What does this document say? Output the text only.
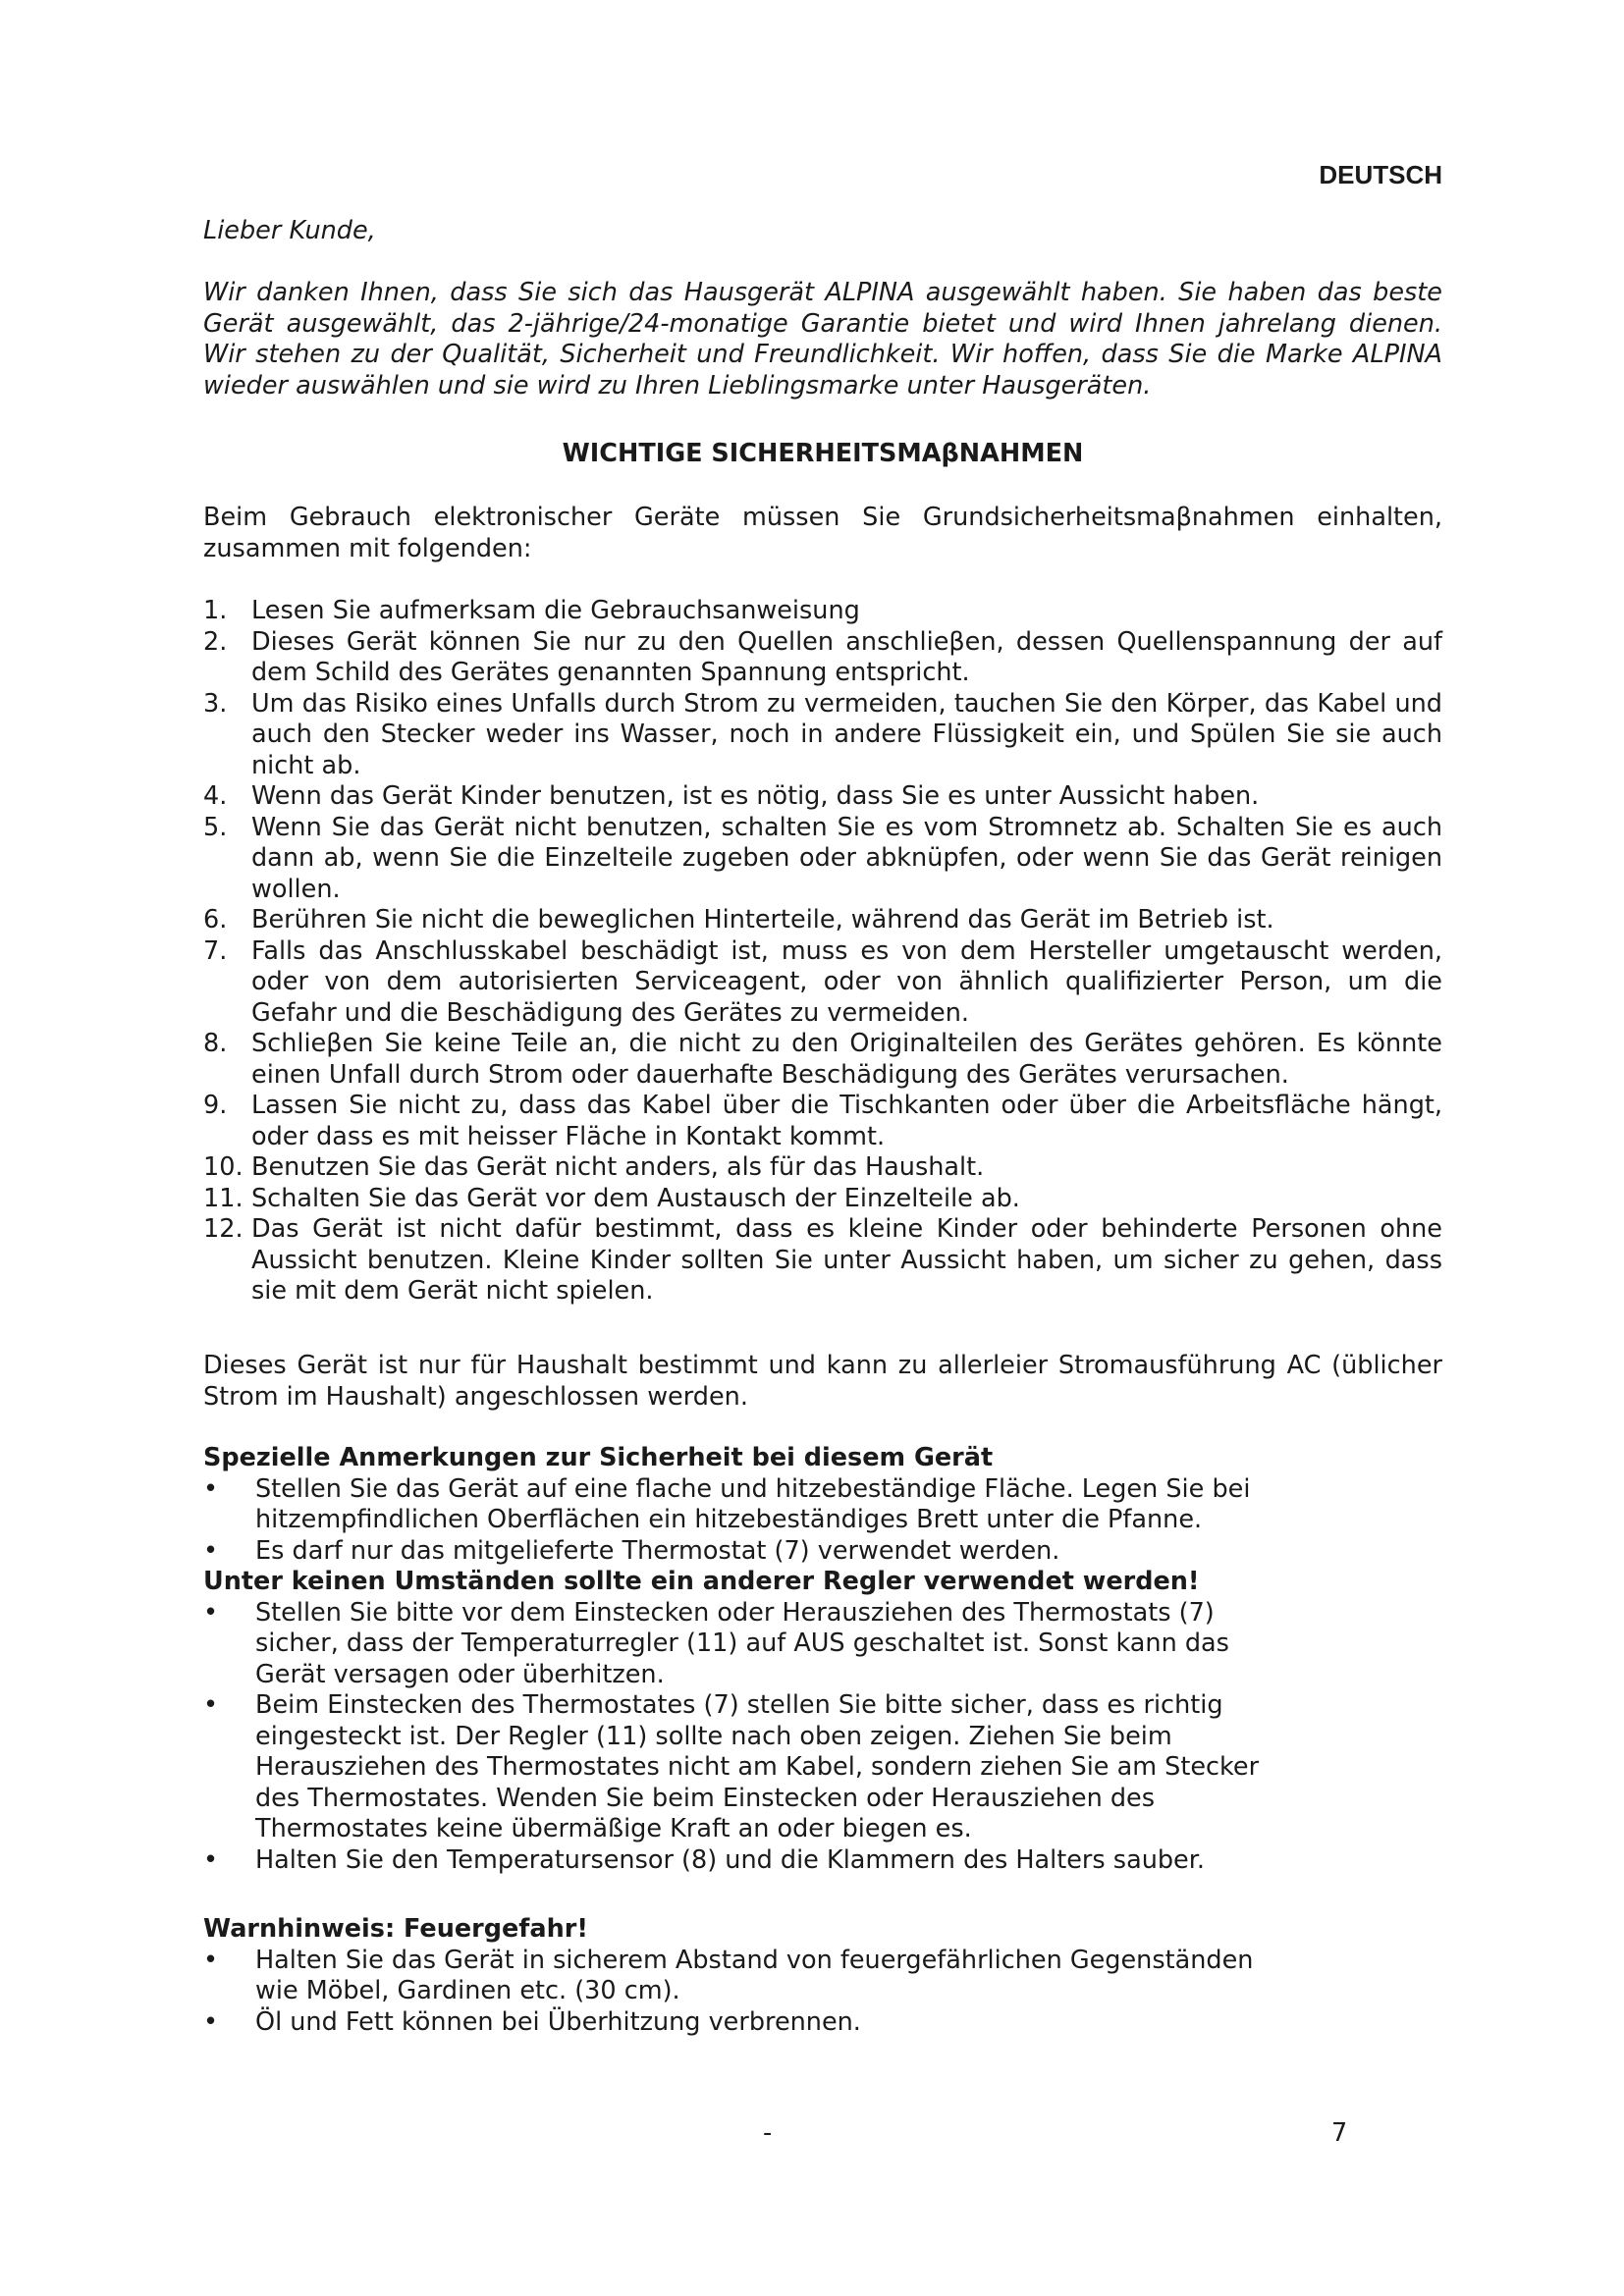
DEUTSCH
Lieber Kunde,

Wir danken Ihnen, dass Sie sich das Hausgerät ALPINA ausgewählt haben. Sie haben das beste Gerät ausgewählt, das 2-jährige/24-monatige Garantie bietet und wird Ihnen jahrelang dienen. Wir stehen zu der Qualität, Sicherheit und Freundlichkeit. Wir hoffen, dass Sie die Marke ALPINA wieder auswählen und sie wird zu Ihren Lieblingsmarke unter Hausgeräten.

WICHTIGE SICHERHEITSMAβNAHMEN

Beim Gebrauch elektronischer Geräte müssen Sie Grundsicherheitsmaβnahmen einhalten, zusammen mit folgenden:

1. Lesen Sie aufmerksam die Gebrauchsanweisung
2. Dieses Gerät können Sie nur zu den Quellen anschlieβen, dessen Quellenspannung der auf dem Schild des Gerätes genannten Spannung entspricht.
3. Um das Risiko eines Unfalls durch Strom zu vermeiden, tauchen Sie den Körper, das Kabel und auch den Stecker weder ins Wasser, noch in andere Flüssigkeit ein, und Spülen Sie sie auch nicht ab.
4. Wenn das Gerät Kinder benutzen, ist es nötig, dass Sie es unter Aussicht haben.
5. Wenn Sie das Gerät nicht benutzen, schalten Sie es vom Stromnetz ab. Schalten Sie es auch dann ab, wenn Sie die Einzelteile zugeben oder abknüpfen, oder wenn Sie das Gerät reinigen wollen.
6. Berühren Sie nicht die beweglichen Hinterteile, während das Gerät im Betrieb ist.
7. Falls das Anschlusskabel beschädigt ist, muss es von dem Hersteller umgetauscht werden, oder von dem autorisierten Serviceagent, oder von ähnlich qualifizierter Person, um die Gefahr und die Beschädigung des Gerätes zu vermeiden.
8. Schlieβen Sie keine Teile an, die nicht zu den Originalteilen des Gerätes gehören. Es könnte einen Unfall durch Strom oder dauerhafte Beschädigung des Gerätes verursachen.
9. Lassen Sie nicht zu, dass das Kabel über die Tischkanten oder über die Arbeitsfläche hängt, oder dass es mit heisser Fläche in Kontakt kommt.
10. Benutzen Sie das Gerät nicht anders, als für das Haushalt.
11. Schalten Sie das Gerät vor dem Austausch der Einzelteile ab.
12. Das Gerät ist nicht dafür bestimmt, dass es kleine Kinder oder behinderte Personen ohne Aussicht benutzen. Kleine Kinder sollten Sie unter Aussicht haben, um sicher zu gehen, dass sie mit dem Gerät nicht spielen.

Dieses Gerät ist nur für Haushalt bestimmt und kann zu allerleier Stromausführung AC (üblicher Strom im Haushalt) angeschlossen werden.

Spezielle Anmerkungen zur Sicherheit bei diesem Gerät
• Stellen Sie das Gerät auf eine flache und hitzebeständige Fläche. Legen Sie bei hitzempfindlichen Oberflächen ein hitzebeständiges Brett unter die Pfanne.
• Es darf nur das mitgelieferte Thermostat (7) verwendet werden.
Unter keinen Umständen sollte ein anderer Regler verwendet werden!
• Stellen Sie bitte vor dem Einstecken oder Herausziehen des Thermostats (7) sicher, dass der Temperaturregler (11) auf AUS geschaltet ist. Sonst kann das Gerät versagen oder überhitzen.
• Beim Einstecken des Thermostates (7) stellen Sie bitte sicher, dass es richtig eingesteckt ist. Der Regler (11) sollte nach oben zeigen. Ziehen Sie beim Herausziehen des Thermostates nicht am Kabel, sondern ziehen Sie am Stecker des Thermostates. Wenden Sie beim Einstecken oder Herausziehen des Thermostates keine übermäßige Kraft an oder biegen es.
• Halten Sie den Temperatursensor (8) und die Klammern des Halters sauber.
Warnhinweis: Feuergefahr!
• Halten Sie das Gerät in sicherem Abstand von feuergefährlichen Gegenständen wie Möbel, Gardinen etc. (30 cm).
• Öl und Fett können bei Überhitzung verbrennen.
-	7
